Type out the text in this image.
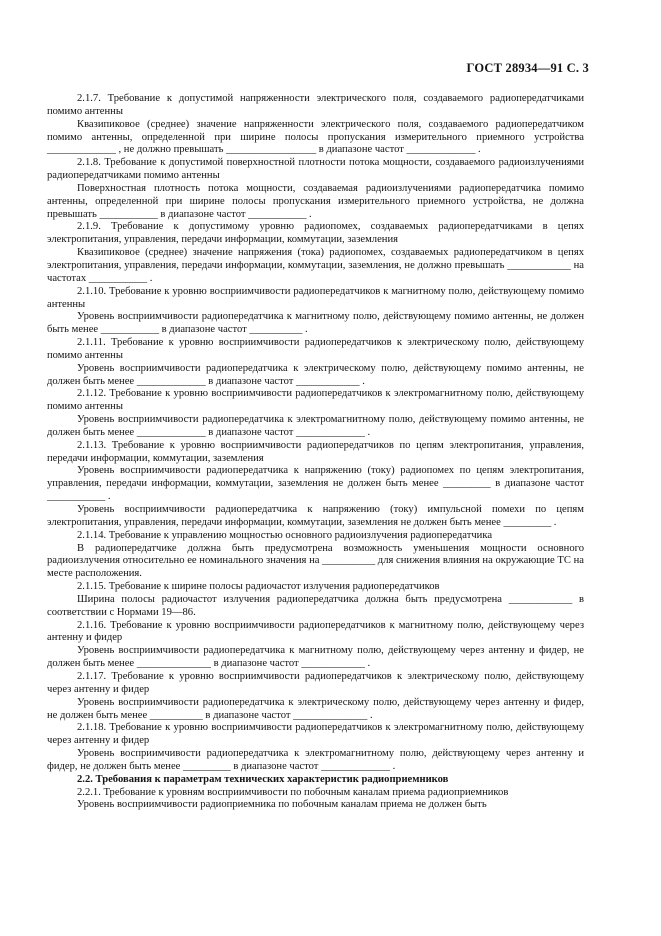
ГОСТ 28934—91 С. 3

2.1.7. Требование к допустимой напряженности электрического поля, создаваемого радиопередатчиками помимо антенны

Квазипиковое (среднее) значение напряженности электрического поля, создаваемого радиопередатчиком помимо антенны, определенной при ширине полосы пропускания измерительного приемного устройства _____________ , не должно превышать _________________ в диапазоне частот _____________ .

2.1.8. Требование к допустимой поверхностной плотности потока мощности, создаваемого радиоизлучениями радиопередатчиками помимо антенны

Поверхностная плотность потока мощности, создаваемая радиоизлучениями радиопередатчика помимо антенны, определенной при ширине полосы пропускания измерительного приемного устройства, не должна превышать ___________ в диапазоне частот ___________ .

2.1.9. Требование к допустимому уровню радиопомех, создаваемых радиопередатчиками в цепях электропитания, управления, передачи информации, коммутации, заземления

Квазипиковое (среднее) значение напряжения (тока) радиопомех, создаваемых радиопередатчиком в цепях электропитания, управления, передачи информации, коммутации, заземления, не должно превышать ____________ на частотах ___________ .

2.1.10. Требование к уровню восприимчивости радиопередатчиков к магнитному полю, действующему помимо антенны

Уровень восприимчивости радиопередатчика к магнитному полю, действующему помимо антенны, не должен быть менее ___________ в диапазоне частот __________ .

2.1.11. Требование к уровню восприимчивости радиопередатчиков к электрическому полю, действующему помимо антенны

Уровень восприимчивости радиопередатчика к электрическому полю, действующему помимо антенны, не должен быть менее _____________ в диапазоне частот ____________ .

2.1.12. Требование к уровню восприимчивости радиопередатчиков к электромагнитному полю, действующему помимо антенны

Уровень восприимчивости радиопередатчика к электромагнитному полю, действующему помимо антенны, не должен быть менее _____________ в диапазоне частот _____________ .

2.1.13. Требование к уровню восприимчивости радиопередатчиков по цепям электропитания, управления, передачи информации, коммутации, заземления

Уровень восприимчивости радиопередатчика к напряжению (току) радиопомех по цепям электропитания, управления, передачи информации, коммутации, заземления не должен быть менее _________ в диапазоне частот ___________ .

Уровень восприимчивости радиопередатчика к напряжению (току) импульсной помехи по цепям электропитания, управления, передачи информации, коммутации, заземления не должен быть менее _________ .

2.1.14. Требование к управлению мощностью основного радиоизлучения радиопередатчика

В радиопередатчике должна быть предусмотрена возможность уменьшения мощности основного радиоизлучения относительно ее номинального значения на __________ для снижения влияния на окружающие ТС на месте расположения.

2.1.15. Требование к ширине полосы радиочастот излучения радиопередатчиков

Ширина полосы радиочастот излучения радиопередатчика должна быть предусмотрена ____________ в соответствии с Нормами 19—86.

2.1.16. Требование к уровню восприимчивости радиопередатчиков к магнитному полю, действующему через антенну и фидер

Уровень восприимчивости радиопередатчика к магнитному полю, действующему через антенну и фидер, не должен быть менее ______________ в диапазоне частот ____________ .

2.1.17. Требование к уровню восприимчивости радиопередатчиков к электрическому полю, действующему через антенну и фидер

Уровень восприимчивости радиопередатчика к электрическому полю, действующему через антенну и фидер, не должен быть менее __________ в диапазоне частот ______________ .

2.1.18. Требование к уровню восприимчивости радиопередатчиков к электромагнитному полю, действующему через антенну и фидер

Уровень восприимчивости радиопередатчика к электромагнитному полю, действующему через антенну и фидер, не должен быть менее _________ в диапазоне частот _____________ .

2.2. Требования к параметрам технических характеристик радиоприемников

2.2.1. Требование к уровням восприимчивости по побочным каналам приема радиоприемников

Уровень восприимчивости радиоприемника по побочным каналам приема не должен быть
